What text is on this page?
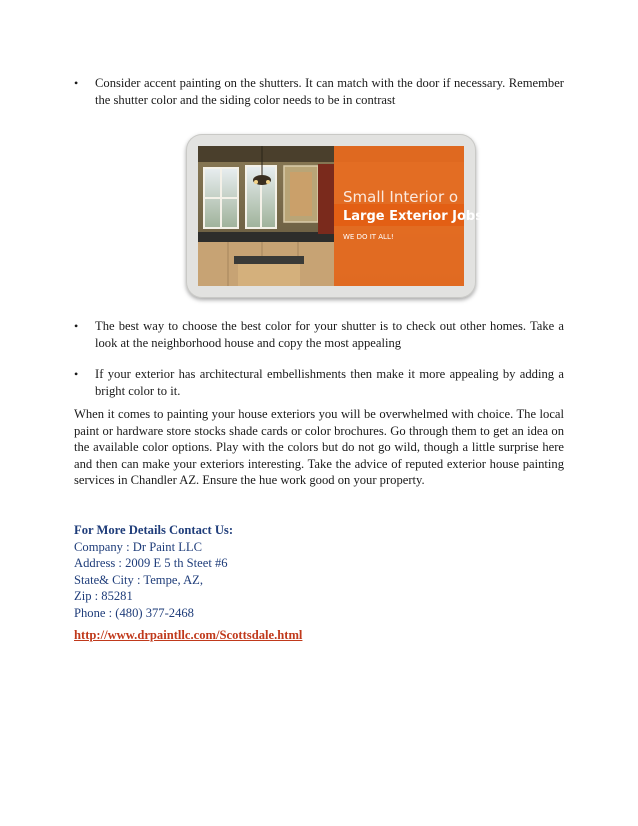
• Consider accent painting on the shutters. It can match with the door if necessary. Remember the shutter color and the siding color needs to be in contrast
Small Interior o
Large Exterior Jobs
WE DO IT ALL!
• The best way to choose the best color for your shutter is to check out other homes. Take a look at the neighborhood house and copy the most appealing
• If your exterior has architectural embellishments then make it more appealing by adding a bright color to it.

When it comes to painting your house exteriors you will be overwhelmed with choice. The local paint or hardware store stocks shade cards or color brochures. Go through them to get an idea on the available color options. Play with the colors but do not go wild, though a little surprise here and then can make your exteriors interesting. Take the advice of reputed exterior house painting services in Chandler AZ. Ensure the hue work good on your property.

For More Details Contact Us:
Company : Dr Paint LLC
Address : 2009 E 5 th Steet #6
State& City : Tempe, AZ,
Zip : 85281
Phone : (480) 377-2468
http://www.drpaintllc.com/Scottsdale.html
